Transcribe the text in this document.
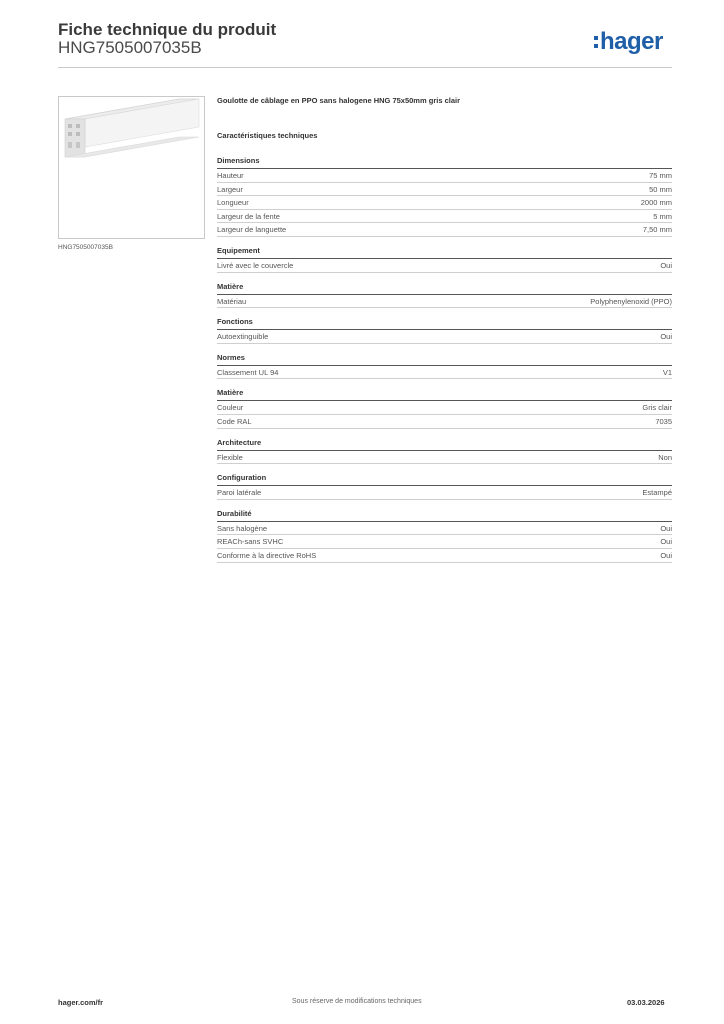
Fiche technique du produit
HNG7505007035B	hager
HNG7505007035B
Goulotte de câblage en PPO sans halogene HNG 75x50mm gris clair
Caractéristiques techniques
Dimensions
Hauteur	75 mm
Largeur	50 mm
Longueur	2000 mm
Largeur de la fente	5 mm
Largeur de languette	7,50 mm
Equipement
Livré avec le couvercle	Oui
Matière
Matériau	Polyphenylenoxid (PPO)
Fonctions
Autoextinguible	Oui
Normes
Classement UL 94	V1
Matière
Couleur	Gris clair
Code RAL	7035
Architecture
Flexible	Non
Configuration
Paroi latérale	Estampé
Durabilité
Sans halogène	Oui
REACh-sans SVHC	Oui
Conforme à la directive RoHS	Oui
hager.com/fr	Sous réserve de modifications techniques	03.03.2026
